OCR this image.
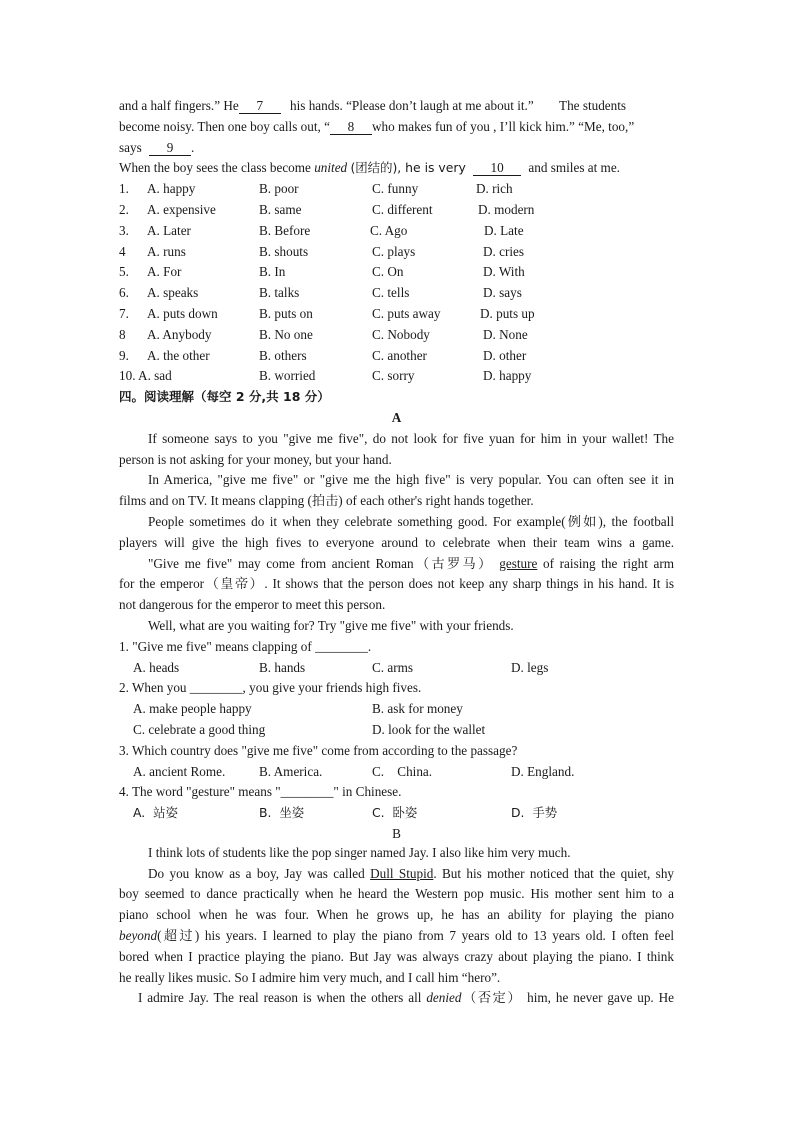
and a half fingers.” He 7 his hands. “Please don’t laugh at me about it.” The students
become noisy. Then one boy calls out, “ 8 who makes fun of you , I’ll kick him.” “Me, too,”
says 9 .
When the boy sees the class become united (团结的), he is very 10 and smiles at me.
1. A. happy	B. poor	C. funny	D. rich
2. A. expensive	B. same	C. different	D. modern
3. A. Later	B. Before	C. Ago	D. Late
4 A. runs	B. shouts	C. plays	D. cries
5. A. For	B. In	C. On	D. With
6. A. speaks	B. talks	C. tells	D. says
7. A. puts down	B. puts on	C. puts away	D. puts up
8 A. Anybody	B. No one	C. Nobody	D. None
9. A. the other	B. others	C. another	D. other
10. A. sad	B. worried	C. sorry	D. happy
四。阅读理解（每空 2 分,共 18 分）
A
If someone says to you "give me five", do not look for five yuan for him in your wallet! The
person is not asking for your money, but your hand.
In America, "give me five" or "give me the high five" is very popular. You can often see it in
films and on TV. It means clapping (拍击) of each other's right hands together.
People sometimes do it when they celebrate something good. For example(例如), the football
players will give the high fives to everyone around to celebrate when their team wins a game.
"Give me five" may come from ancient Roman（古罗马） gesture of raising the right arm
for the emperor（皇帝）. It shows that the person does not keep any sharp things in his hand. It is
not dangerous for the emperor to meet this person.
Well, what are you waiting for? Try "give me five" with your friends.
1. "Give me five" means clapping of ________.
A. heads	B. hands	C. arms	D. legs
2. When you ________, you give your friends high fives.
A. make people happy	B. ask for money
C. celebrate a good thing	D. look for the wallet
3. Which country does "give me five" come from according to the passage?
A. ancient Rome.	B. America.	C.    China.	D. England.
4. The word "gesture" means "________" in Chinese.
A.  站姿	B.  坐姿	C.  卧姿	D.  手势
B
I think lots of students like the pop singer named Jay. I also like him very much.
Do you know as a boy, Jay was called Dull Stupid. But his mother noticed that the quiet, shy
boy seemed to dance practically when he heard the Western pop music. His mother sent him to a
piano school when he was four. When he grows up, he has an ability for playing the piano
beyond(超过) his years. I learned to play the piano from 7 years old to 13 years old. I often feel
bored when I practice playing the piano. But Jay was always crazy about playing the piano. I think
he really likes music. So I admire him very much, and I call him “hero”.
I admire Jay. The real reason is when the others all denied（否定） him, he never gave up. He
